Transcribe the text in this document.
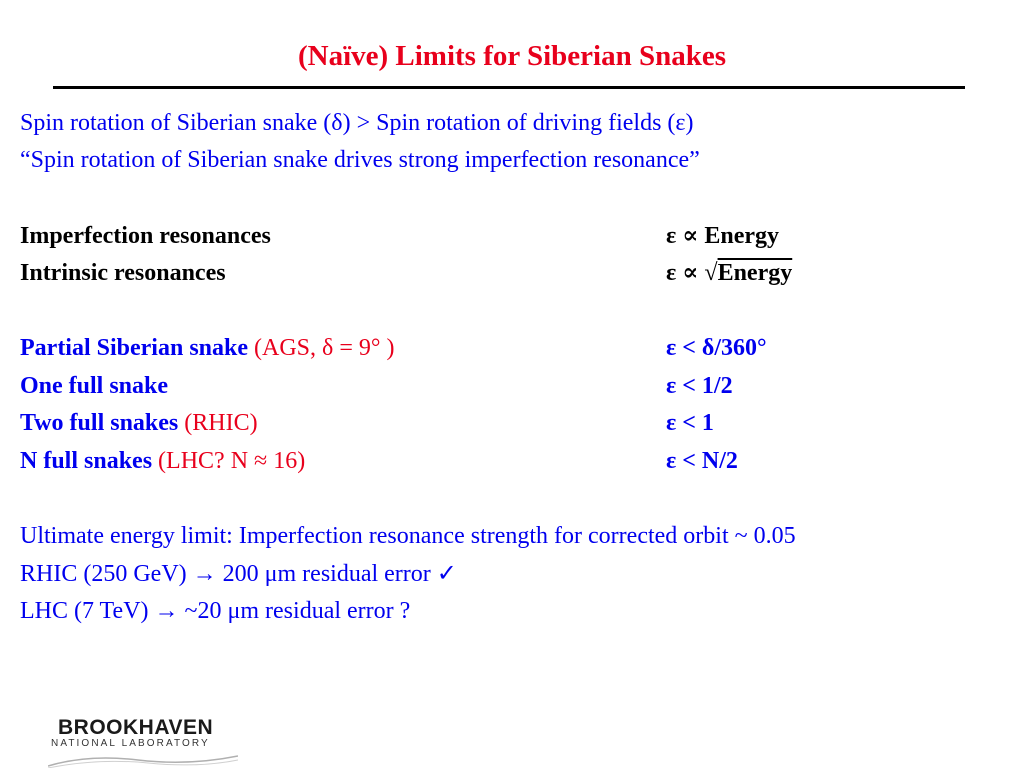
(Naïve) Limits for Siberian Snakes
Spin rotation of Siberian snake (δ) > Spin rotation of driving fields (ε)
“Spin rotation of Siberian snake drives strong imperfection resonance”
Imperfection resonances	ε ∝ Energy
Intrinsic resonances	ε ∝ √Energy
Partial Siberian snake (AGS, δ = 9° )	ε < δ/360°
One full snake	ε < 1/2
Two full snakes (RHIC)	ε < 1
N full snakes (LHC? N ≈ 16)	ε < N/2
Ultimate energy limit: Imperfection resonance strength for corrected orbit ~ 0.05
RHIC (250 GeV) → 200 μm residual error ✓
LHC (7 TeV) → ~20 μm residual error ?
BROOKHAVEN
NATIONAL LABORATORY
